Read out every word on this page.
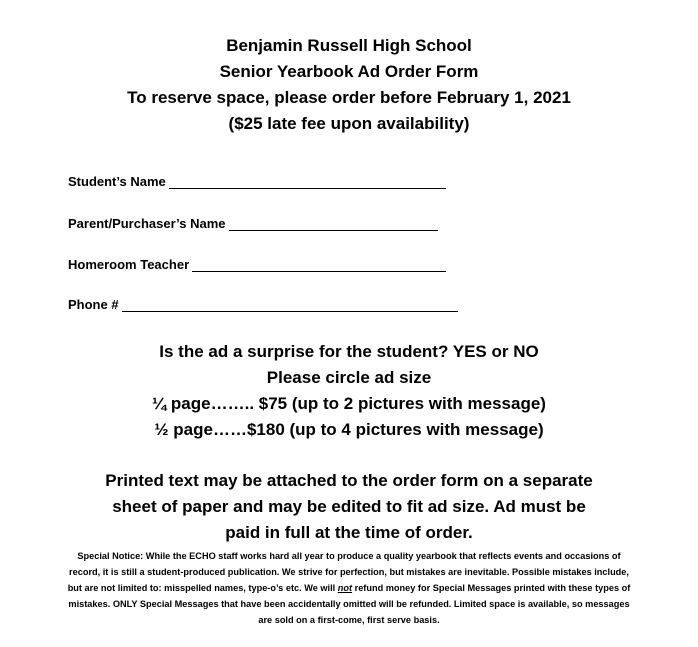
Benjamin Russell High School
Senior Yearbook Ad Order Form
To reserve space, please order before February 1, 2021
($25 late fee upon availability)
Student’s Name
Parent/Purchaser’s Name
Homeroom Teacher
Phone #
Is the ad a surprise for the student? YES or NO
Please circle ad size
¼ page…….. $75 (up to 2 pictures with message)
½ page……$180 (up to 4 pictures with message)
Printed text may be attached to the order form on a separate
sheet of paper and may be edited to fit ad size. Ad must be
paid in full at the time of order.
Special Notice: While the ECHO staff works hard all year to produce a quality yearbook that reflects events and occasions of record, it is still a student-produced publication. We strive for perfection, but mistakes are inevitable. Possible mistakes include, but are not limited to: misspelled names, type-o’s etc. We will not refund money for Special Messages printed with these types of mistakes. ONLY Special Messages that have been accidentally omitted will be refunded. Limited space is available, so messages are sold on a first-come, first serve basis.
